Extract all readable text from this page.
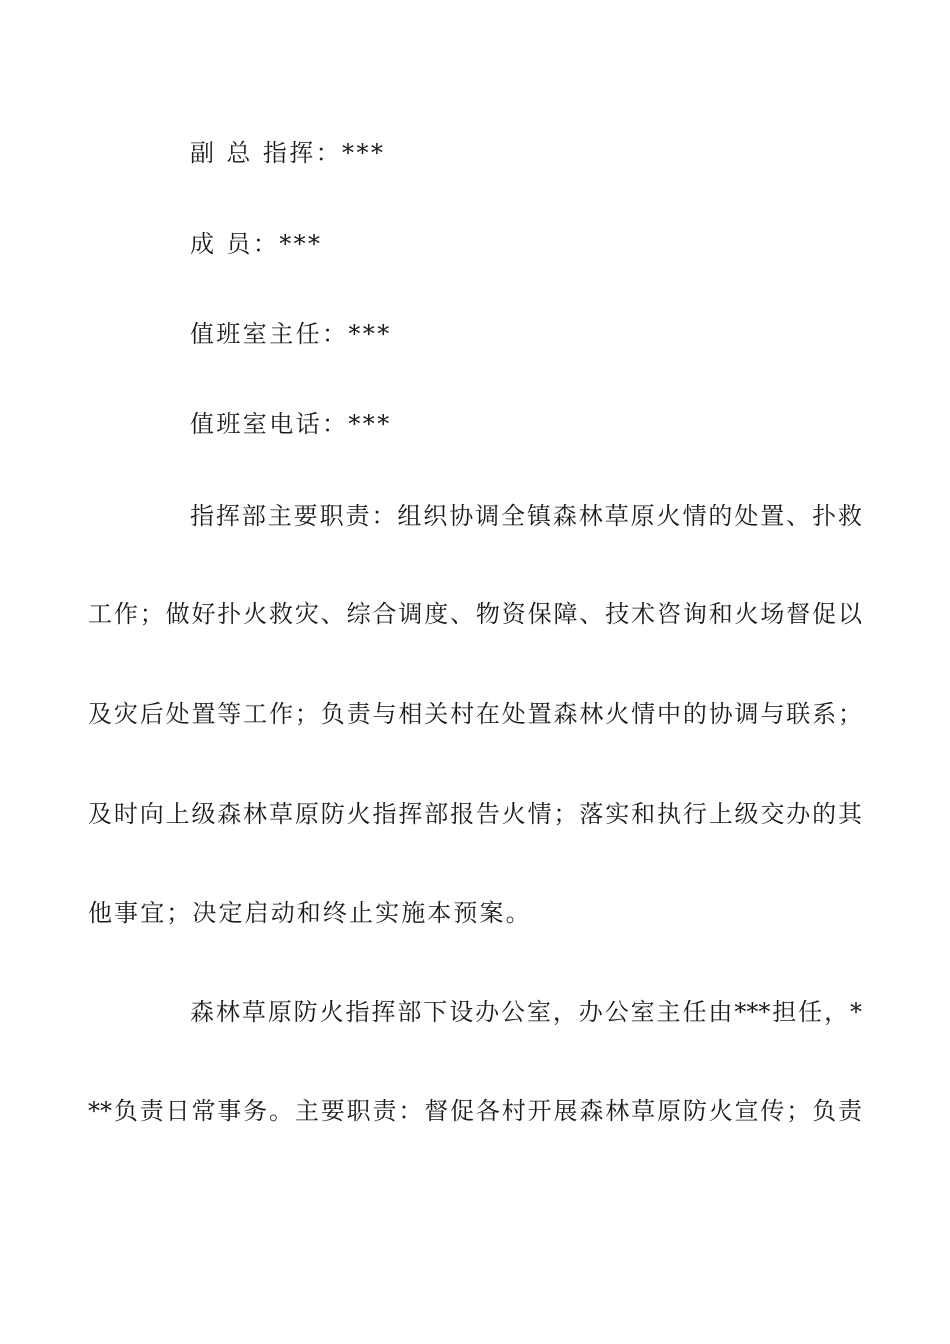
副 总 指挥：***
成 员：***
值班室主任：***
值班室电话：***
指挥部主要职责：组织协调全镇森林草原火情的处置、扑救
工作；做好扑火救灾、综合调度、物资保障、技术咨询和火场督促以
及灾后处置等工作；负责与相关村在处置森林火情中的协调与联系；
及时向上级森林草原防火指挥部报告火情；落实和执行上级交办的其
他事宜；决定启动和终止实施本预案。
森林草原防火指挥部下设办公室，办公室主任由***担任，*
**负责日常事务。主要职责：督促各村开展森林草原防火宣传；负责
